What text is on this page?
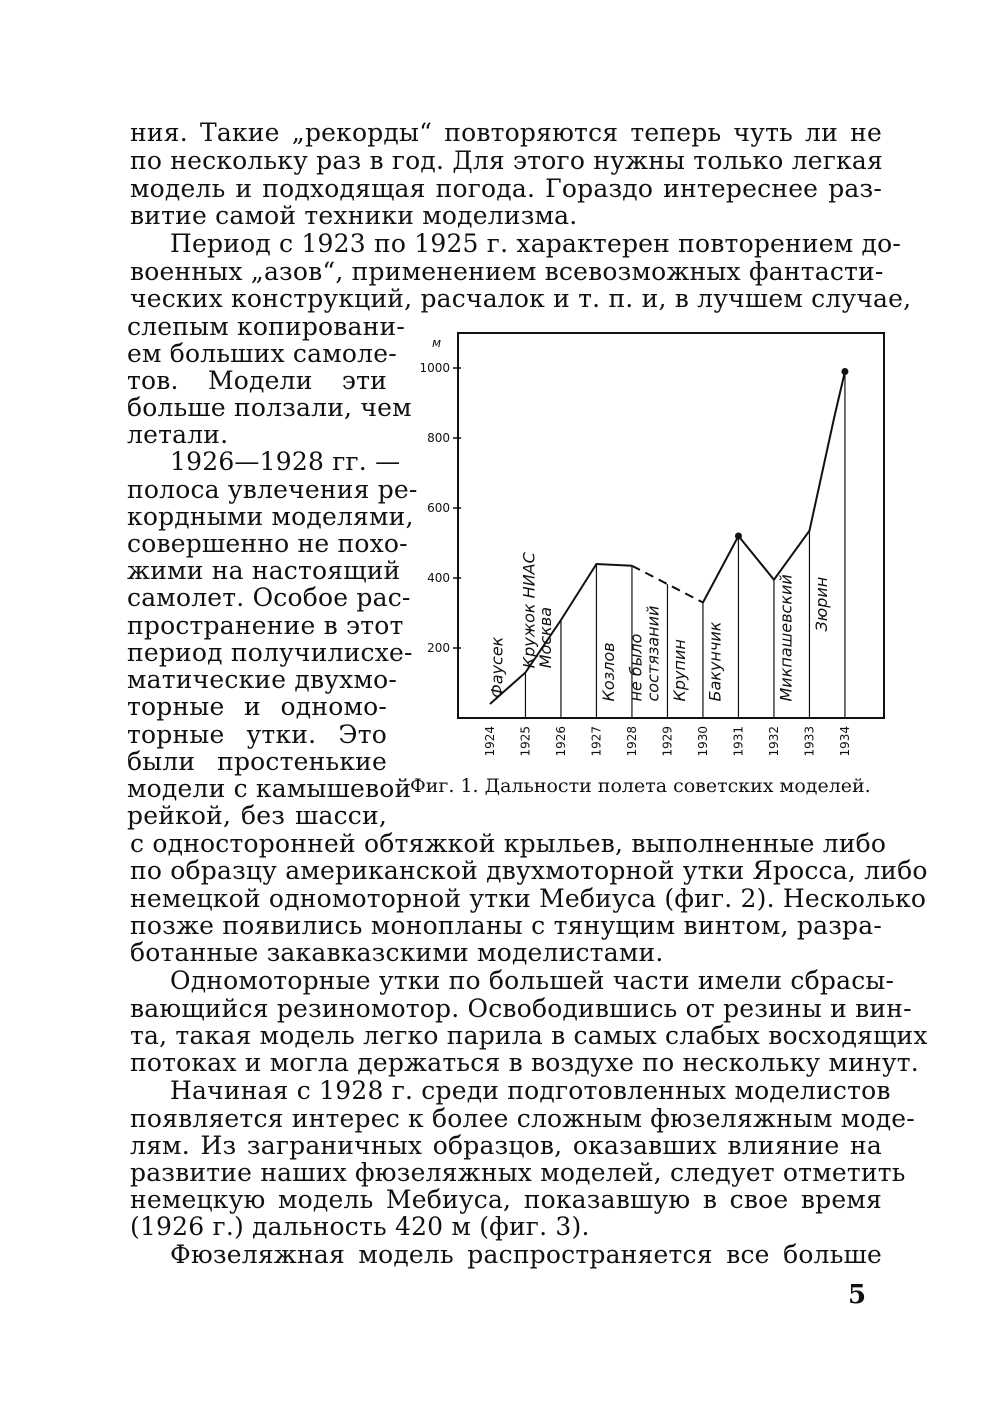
ния. Такие „рекорды“ повторяются теперь чуть ли не
по нескольку раз в год. Для этого нужны только легкая
модель и подходящая погода. Гораздо интереснее раз-
витие самой техники моделизма.
Период с 1923 по 1925 г. характерен повторением до-
военных „азов“, применением всевозможных фантасти-
ческих конструкций, расчалок и т. п. и, в лучшем случае,
слепым копировани-
ем больших самоле-
тов. Модели эти
больше ползали, чем
летали.
1926—1928 гг. —
полоса увлечения ре-
кордными моделями,
совершенно не похо-
жими на настоящий
самолет. Особое рас-
пространение в этот
период получилисхе-
матические двухмо-
торные и одномо-
торные утки. Это
были простенькие
модели с камышевой
рейкой, без шасси,
с односторонней обтяжкой крыльев, выполненные либо
по образцу американской двухмоторной утки Яросса, либо
немецкой одномоторной утки Мебиуса (фиг. 2). Несколько
позже появились монопланы с тянущим винтом, разра-
ботанные закавказскими моделистами.
Одномоторные утки по большей части имели сбрасы-
вающийся резиномотор. Освободившись от резины и вин-
та, такая модель легко парила в самых слабых восходящих
потоках и могла держаться в воздухе по нескольку минут.
Начиная с 1928 г. среди подготовленных моделистов
появляется интерес к более сложным фюзеляжным моде-
лям. Из заграничных образцов, оказавших влияние на
развитие наших фюзеляжных моделей, следует отметить
немецкую модель Мебиуса, показавшую в свое время
(1926 г.) дальность 420 м (фиг. 3).
Фюзеляжная модель распространяется все больше
м
200
400
600
800
1000
1924 1925 1926 1927 1928 1929 1930 1931 1932 1933 1934
Фаусек Кружок НИАС
Москва
Козлов не было
состязаний Крупин Бакунчик	Микпашевский Зюрин
Фиг. 1. Дальности полета советских моделей.
5
